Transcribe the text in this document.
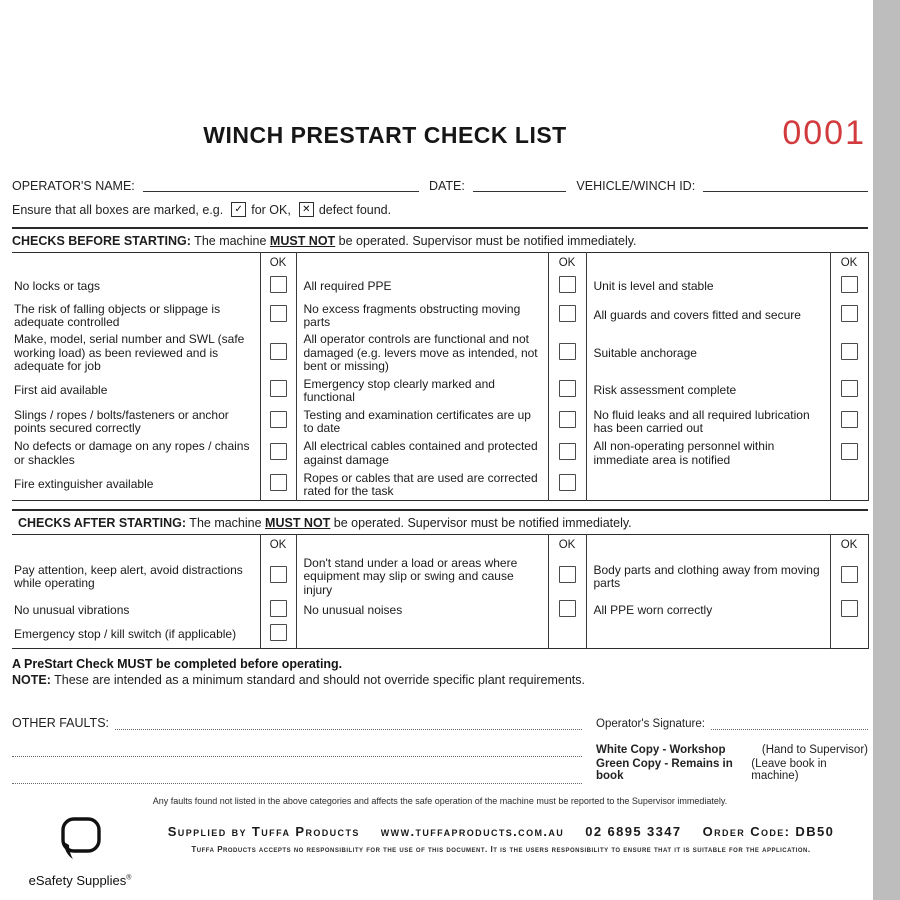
WINCH PRESTART CHECK LIST	0001
OPERATOR'S NAME:	DATE:	VEHICLE/WINCH ID:
Ensure that all boxes are marked, e.g. ✓ for OK, ✕ defect found.
CHECKS BEFORE STARTING: The machine MUST NOT be operated. Supervisor must be notified immediately.
	OK		OK		OK
No locks or tags		All required PPE		Unit is level and stable	
The risk of falling objects or slippage is adequate controlled		No excess fragments obstructing moving parts		All guards and covers fitted and secure	
Make, model, serial number and SWL (safe working load) as been reviewed and is adequate for job		All operator controls are functional and not damaged (e.g. levers move as intended, not bent or missing)		Suitable anchorage	
First aid available		Emergency stop clearly marked and functional		Risk assessment complete	
Slings / ropes / bolts/fasteners or anchor points secured correctly		Testing and examination certificates are up to date		No fluid leaks and all required lubrication has been carried out	
No defects or damage on any ropes / chains or shackles		All electrical cables contained and protected against damage		All non-operating personnel within immediate area is notified	
Fire extinguisher available		Ropes or cables that are used are corrected rated for the task			
CHECKS AFTER STARTING: The machine MUST NOT be operated. Supervisor must be notified immediately.
	OK		OK		OK
Pay attention, keep alert, avoid distractions while operating		Don't stand under a load or areas where equipment may slip or swing and cause injury		Body parts and clothing away from moving parts	
No unusual vibrations		No unusual noises		All PPE worn correctly	
Emergency stop / kill switch (if applicable)					
A PreStart Check MUST be completed before operating.
NOTE: These are intended as a minimum standard and should not override specific plant requirements.
OTHER FAULTS:	Operator's Signature:
White Copy - Workshop	(Hand to Supervisor)
Green Copy - Remains in book
(Leave book in machine)
Any faults found not listed in the above categories and affects the safe operation of the machine must be reported to the Supervisor immediately.
eSafety Supplies®
Supplied by Tuffa Products www.tuffaproducts.com.au 02 6895 3347 Order Code: DB50
Tuffa Products accepts no responsibility for the use of this document. It is the users responsibility to ensure that it is suitable for the application.
